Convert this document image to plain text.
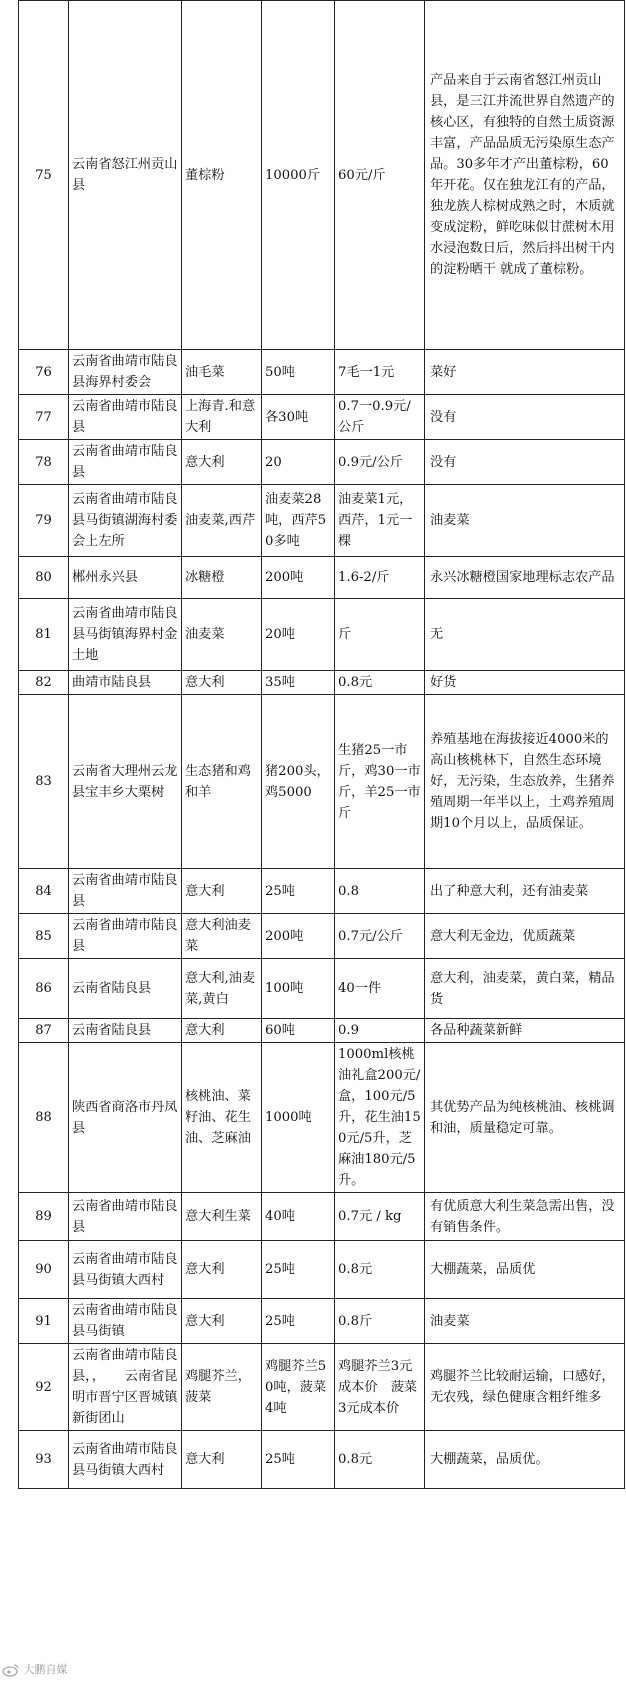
75	云南省怒江州贡山县	董棕粉	10000斤	60元/斤	产品来自于云南省怒江州贡山县，是三江并流世界自然遗产的核心区，有独特的自然土质资源丰富，产品品质无污染原生态产品。30多年才产出董棕粉，60年开花。仅在独龙江有的产品，独龙族人棕树成熟之时，木质就变成淀粉，鲜吃味似甘蔗树木用水浸泡数日后，然后抖出树干内的淀粉晒干 就成了董棕粉。
76	云南省曲靖市陆良县海界村委会	油毛菜	50吨	7毛一1元	菜好
77	云南省曲靖市陆良县	上海青.和意大利	各30吨	0.7一0.9元/公斤	没有
78	云南省曲靖市陆良县	意大利	20	0.9元/公斤	没有
79	云南省曲靖市陆良县马街镇湖海村委会上左所	油麦菜,西芹	油麦菜28吨，西芹50多吨	油麦菜1元，西芹，1元一棵	油麦菜
80	郴州永兴县	冰糖橙	200吨	1.6-2/斤	永兴冰糖橙国家地理标志农产品
81	云南省曲靖市陆良县马街镇海界村金土地	油麦菜	20吨	斤	无
82	曲靖市陆良县	意大利	35吨	0.8元	好货
83	云南省大理州云龙县宝丰乡大栗树	生态猪和鸡和羊	猪200头，鸡5000	生猪25一市斤，鸡30一市斤，羊25一市斤	养殖基地在海拔接近4000米的高山核桃林下，自然生态环境好，无污染，生态放养，生猪养殖周期一年半以上，土鸡养殖周期10个月以上，品质保证。
84	云南省曲靖市陆良县	意大利	25吨	0.8	出了种意大利，还有油麦菜
85	云南省曲靖市陆良县	意大利油麦菜	200吨	0.7元/公斤	意大利无金边，优质蔬菜
86	云南省陆良县	意大利,油麦菜,黄白	100吨	40一件	意大利，油麦菜，黄白菜，精品货
87	云南省陆良县	意大利	60吨	0.9	各品种蔬菜新鲜
88	陕西省商洛市丹凤县	核桃油、菜籽油、花生油、芝麻油	1000吨	1000ml核桃油礼盒200元/盒，100元/5升，花生油150元/5升，芝麻油180元/5升。	其优势产品为纯核桃油、核桃调和油，质量稳定可靠。
89	云南省曲靖市陆良县	意大利生菜	40吨	0.7元 / kg	有优质意大利生菜急需出售，没有销售条件。
90	云南省曲靖市陆良县马街镇大西村	意大利	25吨	0.8元	大棚蔬菜，品质优
91	云南省曲靖市陆良县马街镇	意大利	25吨	0.8斤	油麦菜
92	云南省曲靖市陆良县，，　　云南省昆明市晋宁区晋城镇新街团山	鸡腿芥兰，菠菜	鸡腿芥兰50吨，菠菜4吨	鸡腿芥兰3元成本价　菠菜3元成本价	鸡腿芥兰比较耐运输，口感好，无农残，绿色健康含粗纤维多
93	云南省曲靖市陆良县马街镇大西村	意大利	25吨	0.8元	大棚蔬菜，品质优。
大鹏自媒
